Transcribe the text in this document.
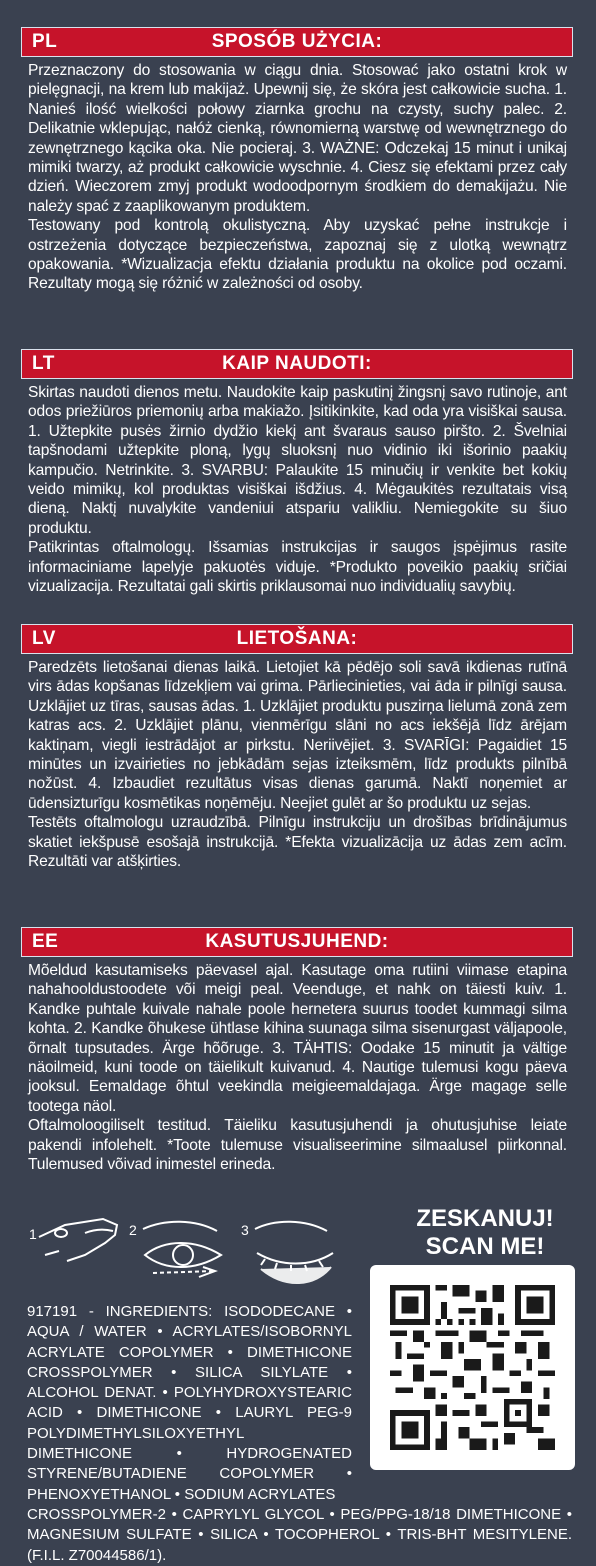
PL	SPOSÓB UŻYCIA:

Przeznaczony do stosowania w ciągu dnia. Stosować jako ostatni krok w pielęgnacji, na krem lub makijaż. Upewnij się, że skóra jest całkowicie sucha. 1. Nanieś ilość wielkości połowy ziarnka grochu na czysty, suchy palec. 2. Delikatnie wklepując, nałóż cienką, równomierną warstwę od wewnętrznego do zewnętrznego kącika oka. Nie pocieraj. 3. WAŻNE: Odczekaj 15 minut i unikaj mimiki twarzy, aż produkt całkowicie wyschnie. 4. Ciesz się efektami przez cały dzień. Wieczorem zmyj produkt wodoodpornym środkiem do demakijażu. Nie należy spać z zaaplikowanym produktem.

Testowany pod kontrolą okulistyczną. Aby uzyskać pełne instrukcje i ostrzeżenia dotyczące bezpieczeństwa, zapoznaj się z ulotką wewnątrz opakowania. *Wizualizacja efektu działania produktu na okolice pod oczami. Rezultaty mogą się różnić w zależności od osoby.

LT	KAIP NAUDOTI:

Skirtas naudoti dienos metu. Naudokite kaip paskutinį žingsnį savo rutinoje, ant odos priežiūros priemonių arba makiažo. Įsitikinkite, kad oda yra visiškai sausa. 1. Užtepkite pusės žirnio dydžio kiekį ant švaraus sauso piršto. 2. Švelniai tapšnodami užtepkite ploną, lygų sluoksnį nuo vidinio iki išorinio paakių kampučio. Netrinkite. 3. SVARBU: Palaukite 15 minučių ir venkite bet kokių veido mimikų, kol produktas visiškai išdžius. 4. Mėgaukitės rezultatais visą dieną. Naktį nuvalykite vandeniui atspariu valikliu. Nemiegokite su šiuo produktu.

Patikrintas oftalmologų. Išsamias instrukcijas ir saugos įspėjimus rasite informaciniame lapelyje pakuotės viduje. *Produkto poveikio paakių sričiai vizualizacija. Rezultatai gali skirtis priklausomai nuo individualių savybių.

LV	LIETOŠANA:

Paredzēts lietošanai dienas laikā. Lietojiet kā pēdējo soli savā ikdienas rutīnā virs ādas kopšanas līdzekļiem vai grima. Pārliecinieties, vai āda ir pilnīgi sausa. Uzklājiet uz tīras, sausas ādas. 1. Uzklājiet produktu puszirņa lielumā zonā zem katras acs. 2. Uzklājiet plānu, vienmērīgu slāni no acs iekšējā līdz ārējam kaktiņam, viegli iestrādājot ar pirkstu. Neriivējiet. 3. SVARĪGI: Pagaidiet 15 minūtes un izvairieties no jebkādām sejas izteiksmēm, līdz produkts pilnībā nožūst. 4. Izbaudiet rezultātus visas dienas garumā. Naktī noņemiet ar ūdensizturīgu kosmētikas noņēmēju. Neejiet gulēt ar šo produktu uz sejas.

Testēts oftalmologu uzraudzībā. Pilnīgu instrukciju un drošības brīdinājumus skatiet iekšpusē esošajā instrukcijā. *Efekta vizualizācija uz ādas zem acīm. Rezultāti var atšķirties.

EE	KASUTUSJUHEND:

Mõeldud kasutamiseks päevasel ajal. Kasutage oma rutiini viimase etapina nahahooldustoodete või meigi peal. Veenduge, et nahk on täiesti kuiv. 1. Kandke puhtale kuivale nahale poole hernetera suurus toodet kummagi silma kohta. 2. Kandke õhukese ühtlase kihina suunaga silma sisenurgast väljapoole, õrnalt tupsutades. Ärge hõõruge. 3. TÄHTIS: Oodake 15 minutit ja vältige näoilmeid, kuni toode on täielikult kuivanud. 4. Nautige tulemusi kogu päeva jooksul. Eemaldage õhtul veekindla meigieemaldajaga. Ärge magage selle tootega näol.

Oftalmoloogiliselt testitud. Täieliku kasutusjuhendi ja ohutusjuhise leiate pakendi infolehelt. *Toote tulemuse visualiseerimine silmaalusel piirkonnal. Tulemused võivad inimestel erineda.

1	2	3	ZESKANUJ!
SCAN ME!
917191 - INGREDIENTS: ISODODECANE • AQUA / WATER • ACRYLATES/ISOBORNYL ACRYLATE COPOLYMER • DIMETHICONE CROSSPOLYMER • SILICA SILYLATE • ALCOHOL DENAT. • POLYHYDROXYSTEARIC ACID • DIMETHICONE • LAURYL PEG-9 POLYDIMETHYLSILOXYETHYL DIMETHICONE • HYDROGENATED STYRENE/BUTADIENE COPOLYMER • PHENOXYETHANOL • SODIUM ACRYLATES
CROSSPOLYMER-2 • CAPRYLYL GLYCOL • PEG/PPG-18/18 DIMETHICONE • MAGNESIUM SULFATE • SILICA • TOCOPHEROL • TRIS-BHT MESITYLENE. (F.I.L. Z70044586/1).
